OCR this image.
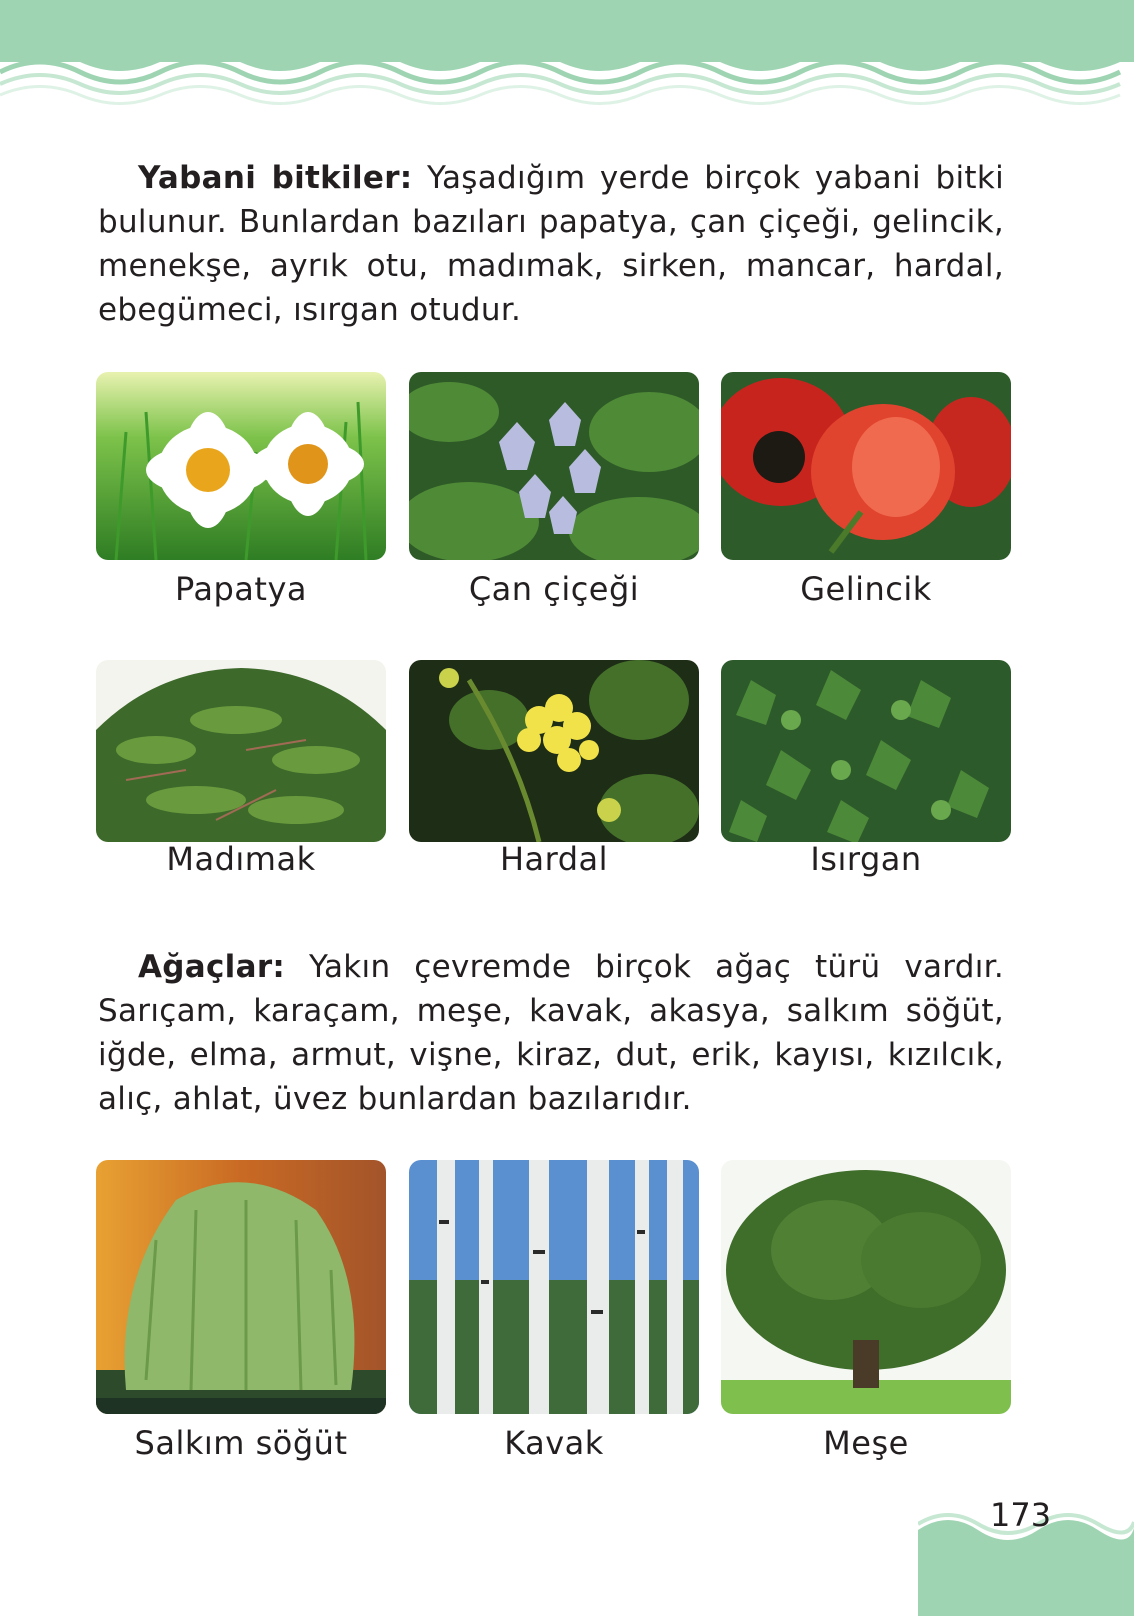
Yabani bitkiler: Yaşadığım yerde birçok yabani bitki bulunur. Bunlardan bazıları papatya, çan çiçeği, gelincik, menekşe, ayrık otu, madımak, sirken, mancar, hardal, ebegümeci, ısırgan otudur.

Papatya	Çan çiçeği	Gelincik
Madımak	Hardal	Isırgan

Ağaçlar: Yakın çevremde birçok ağaç türü vardır. Sarıçam, karaçam, meşe, kavak, akasya, salkım söğüt, iğde, elma, armut, vişne, kiraz, dut, erik, kayısı, kızılcık, alıç, ahlat, üvez bunlardan bazılarıdır.

Salkım söğüt	Kavak	Meşe
173
